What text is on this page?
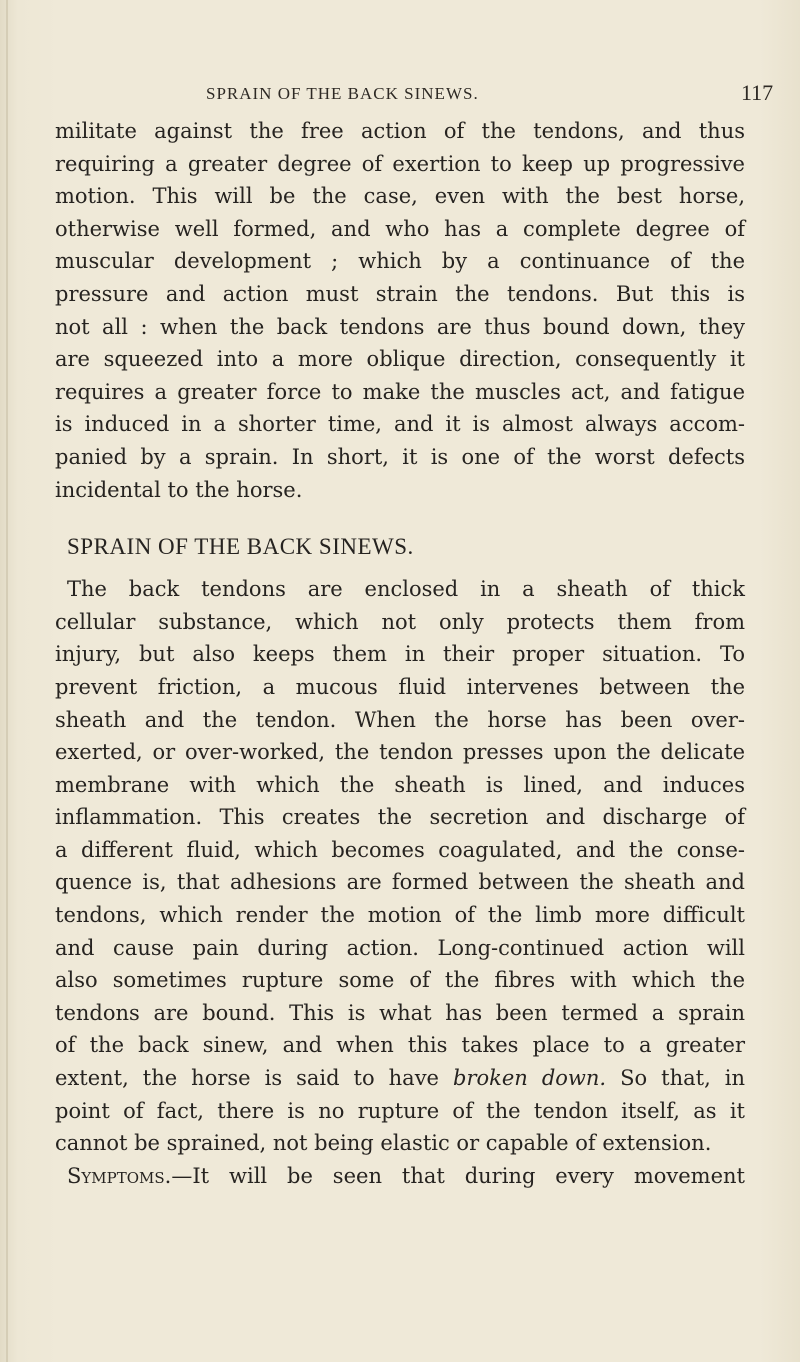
SPRAIN OF THE BACK SINEWS.	117
militate against the free action of the tendons, and thus
requiring a greater degree of exertion to keep up progressive
motion. This will be the case, even with the best horse,
otherwise well formed, and who has a complete degree of
muscular development ; which by a continuance of the
pressure and action must strain the tendons. But this is
not all : when the back tendons are thus bound down, they
are squeezed into a more oblique direction, consequently it
requires a greater force to make the muscles act, and fatigue
is induced in a shorter time, and it is almost always accom-
panied by a sprain. In short, it is one of the worst defects
incidental to the horse.
SPRAIN OF THE BACK SINEWS.
The back tendons are enclosed in a sheath of thick
cellular substance, which not only protects them from
injury, but also keeps them in their proper situation. To
prevent friction, a mucous fluid intervenes between the
sheath and the tendon. When the horse has been over-
exerted, or over-worked, the tendon presses upon the delicate
membrane with which the sheath is lined, and induces
inflammation. This creates the secretion and discharge of
a different fluid, which becomes coagulated, and the conse-
quence is, that adhesions are formed between the sheath and
tendons, which render the motion of the limb more difficult
and cause pain during action. Long-continued action will
also sometimes rupture some of the fibres with which the
tendons are bound. This is what has been termed a sprain
of the back sinew, and when this takes place to a greater
extent, the horse is said to have broken down. So that, in
point of fact, there is no rupture of the tendon itself, as it
cannot be sprained, not being elastic or capable of extension.
Symptoms.—It will be seen that during every movement
